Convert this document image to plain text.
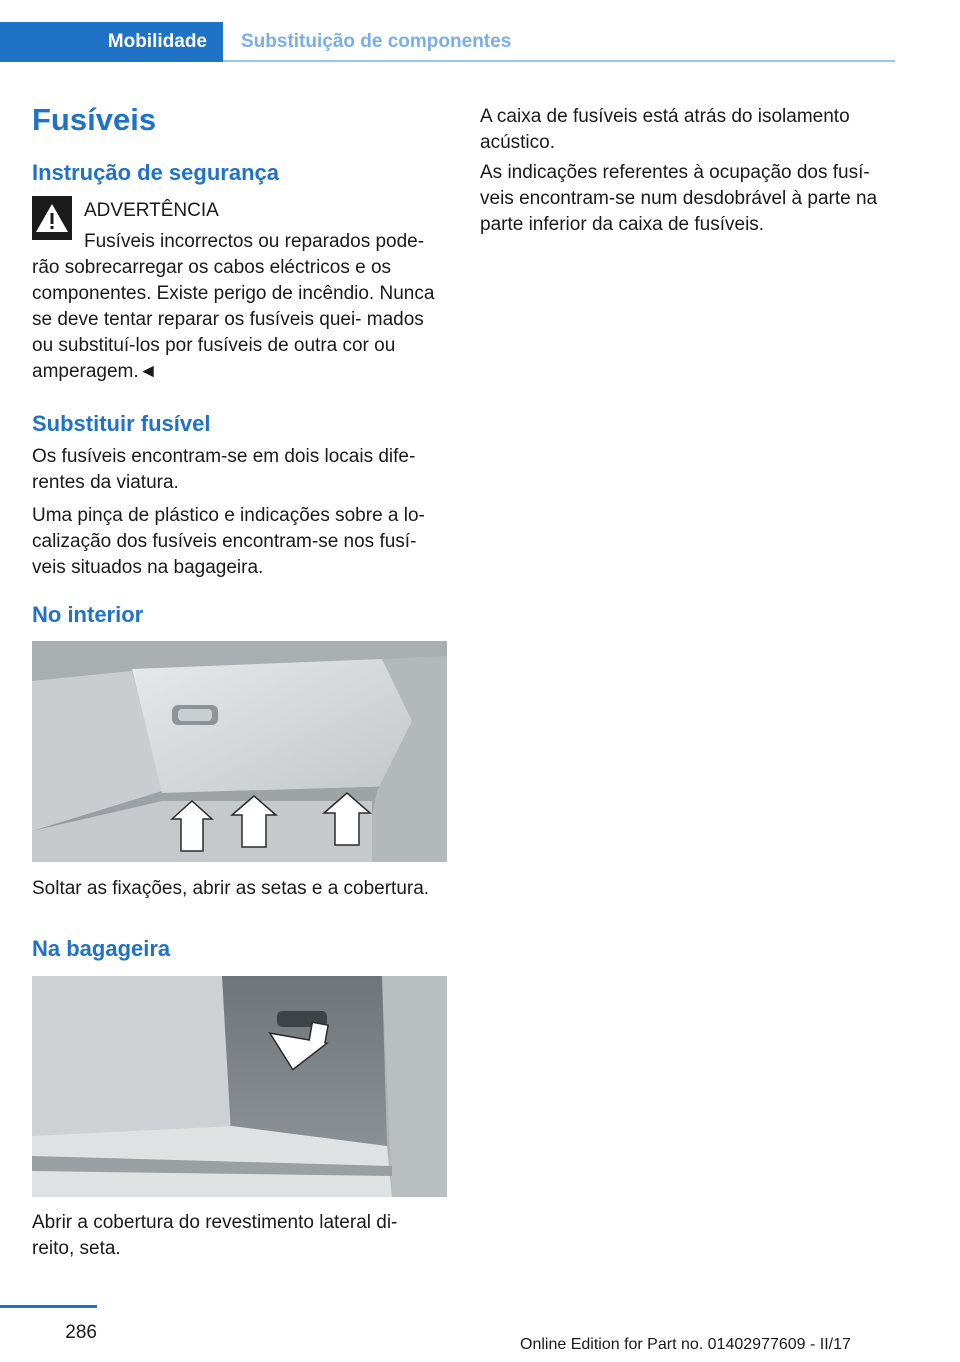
Mobilidade	Substituição de componentes
Fusíveis
Instrução de segurança

ADVERTÊNCIA

Fusíveis incorrectos ou reparados pode-

rão sobrecarregar os cabos eléctricos e os componentes. Existe perigo de incêndio. Nunca se deve tentar reparar os fusíveis quei- mados ou substituí-los por fusíveis de outra cor ou amperagem.◄

Substituir fusível

Os fusíveis encontram-se em dois locais dife- rentes da viatura.

Uma pinça de plástico e indicações sobre a lo- calização dos fusíveis encontram-se nos fusí- veis situados na bagageira.

No interior

Soltar as fixações, abrir as setas e a cobertura.

Na bagageira

Abrir a cobertura do revestimento lateral di- reito, seta.

A caixa de fusíveis está atrás do isolamento acústico.

As indicações referentes à ocupação dos fusí- veis encontram-se num desdobrável à parte na parte inferior da caixa de fusíveis.

286
Online Edition for Part no. 01402977609 - II/17
